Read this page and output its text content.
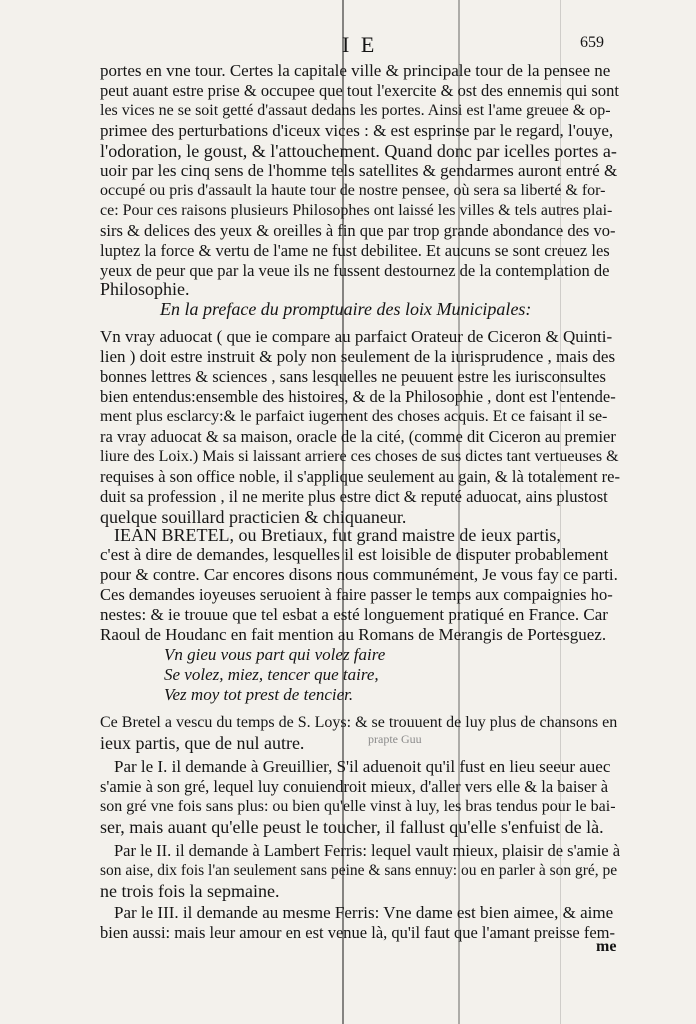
I E	659
portes en vne tour. Certes la capitale ville & principale tour de la pensee ne
peut auant estre prise & occupee que tout l'exercite & ost des ennemis qui sont
les vices ne se soit getté d'assaut dedans les portes. Ainsi est l'ame greuee & op-
primee des perturbations d'iceux vices : & est esprinse par le regard, l'ouye,
l'odoration, le goust, & l'attouchement. Quand donc par icelles portes a-
uoir par les cinq sens de l'homme tels satellites & gendarmes auront entré &
occupé ou pris d'assault la haute tour de nostre pensee, où sera sa liberté & for-
ce: Pour ces raisons plusieurs Philosophes ont laissé les villes & tels autres plai-
sirs & delices des yeux & oreilles à fin que par trop grande abondance des vo-
luptez la force & vertu de l'ame ne fust debilitee. Et aucuns se sont creuez les
yeux de peur que par la veue ils ne fussent destournez de la contemplation de
Philosophie.
En la preface du promptuaire des loix Municipales:
Vn vray aduocat ( que ie compare au parfaict Orateur de Ciceron & Quinti-
lien ) doit estre instruit & poly non seulement de la iurisprudence , mais des
bonnes lettres & sciences , sans lesquelles ne peuuent estre les iurisconsultes
bien entendus:ensemble des histoires, & de la Philosophie , dont est l'entende-
ment plus esclarcy:& le parfaict iugement des choses acquis. Et ce faisant il se-
ra vray aduocat & sa maison, oracle de la cité, (comme dit Ciceron au premier
liure des Loix.) Mais si laissant arriere ces choses de sus dictes tant vertueuses &
requises à son office noble, il s'applique seulement au gain, & là totalement re-
duit sa profession , il ne merite plus estre dict & reputé aduocat, ains plustost
quelque souillard practicien & chiquaneur.
IEAN BRETEL, ou Bretiaux, fut grand maistre de ieux partis,
c'est à dire de demandes, lesquelles il est loisible de disputer probablement
pour & contre. Car encores disons nous communément, Je vous fay ce parti.
Ces demandes ioyeuses seruoient à faire passer le temps aux compaignies ho-
nestes: & ie trouue que tel esbat a esté longuement pratiqué en France. Car
Raoul de Houdanc en fait mention au Romans de Merangis de Portesguez.
Vn gieu vous part qui volez faire
Se volez, miez, tencer que taire,
Vez moy tot prest de tencier.
Ce Bretel a vescu du temps de S. Loys: & se trouuent de luy plus de chansons en
ieux partis, que de nul autre.
Par le I. il demande à Greuillier, S'il aduenoit qu'il fust en lieu seeur auec
s'amie à son gré, lequel luy conuiendroit mieux, d'aller vers elle & la baiser à
son gré vne fois sans plus: ou bien qu'elle vinst à luy, les bras tendus pour le bai-
ser, mais auant qu'elle peust le toucher, il fallust qu'elle s'enfuist de là.
Par le II. il demande à Lambert Ferris: lequel vault mieux, plaisir de s'amie à
son aise, dix fois l'an seulement sans peine & sans ennuy: ou en parler à son gré, pe
ne trois fois la sepmaine.
Par le III. il demande au mesme Ferris: Vne dame est bien aimee, & aime
bien aussi: mais leur amour en est venue là, qu'il faut que l'amant preisse fem-
prapte Guu
me
